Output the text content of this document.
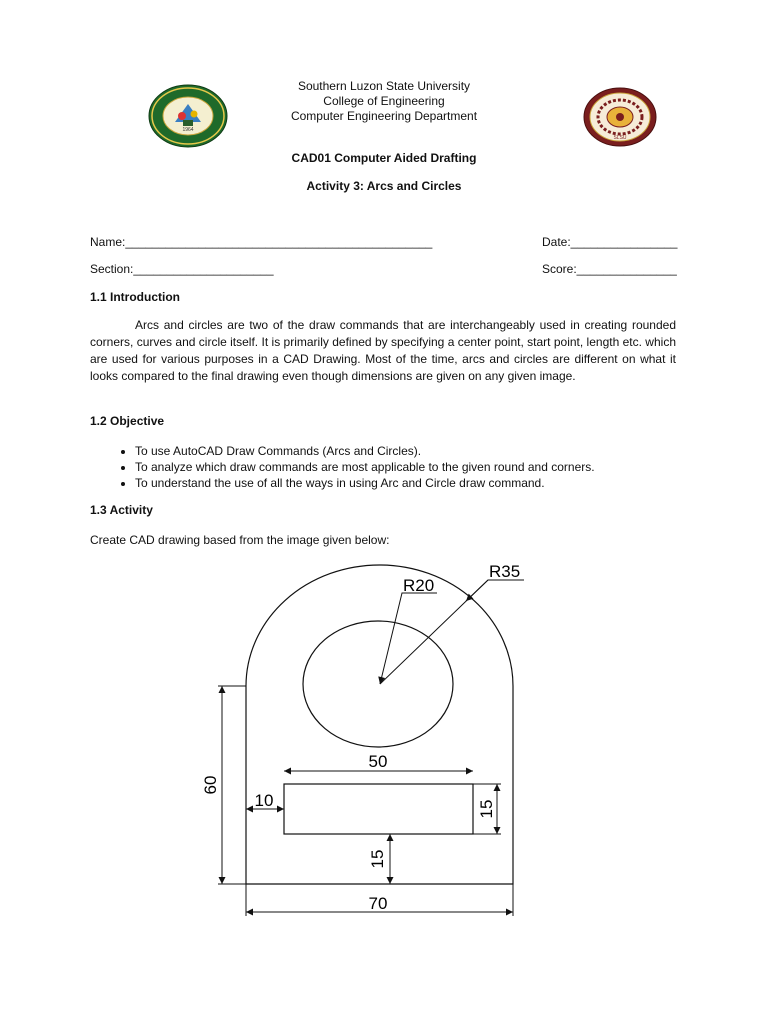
1964
SLSU
Southern Luzon State University
College of Engineering
Computer Engineering Department
CAD01 Computer Aided Drafting
Activity 3: Arcs and Circles
Name:______________________________________________	Date:________________
Section:_____________________	Score:_______________
1.1 Introduction
Arcs and circles are two of the draw commands that are interchangeably used in creating rounded corners, curves and circle itself. It is primarily defined by specifying a center point, start point, length etc. which are used for various purposes in a CAD Drawing. Most of the time, arcs and circles are different on what it looks compared to the final drawing even though dimensions are given on any given image.
1.2 Objective
• To use AutoCAD Draw Commands (Arcs and Circles).
• To analyze which draw commands are most applicable to the given round and corners.
• To understand the use of all the ways in using Arc and Circle draw command.
1.3 Activity
Create CAD drawing based from the image given below:
R20
R35
50
60
10	15
15
70
